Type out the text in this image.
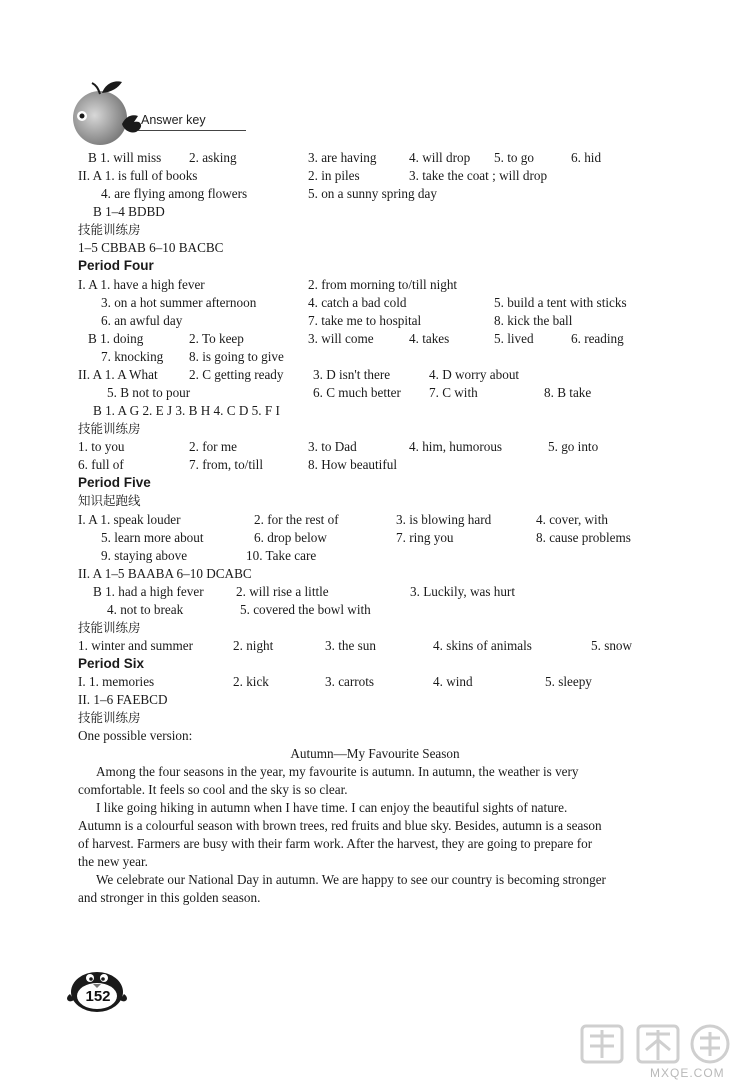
Answer key
B 1. will miss 2. asking	3. are having 4. will drop 5. to go	6. hid
II. A 1. is full of books	2. in piles	3. take the coat ; will drop
4. are flying among flowers	5. on a sunny spring day
B 1–4 BDBD
技能训练房
1–5 CBBAB 6–10 BACBC
Period Four
I. A 1. have a high fever	2. from morning to/till night
3. on a hot summer afternoon	4. catch a bad cold	5. build a tent with sticks
6. an awful day	7. take me to hospital	8. kick the ball
B 1. doing	2. To keep	3. will come	4. takes	5. lived	6. reading
7. knocking 8. is going to give
II. A 1. A What 2. C getting ready 3. D isn't there	4. D worry about
5. B not to pour	6. C much better 7. C with	8. B take
B 1. A G 2. E J 3. B H 4. C D 5. F I
技能训练房
1. to you	2. for me	3. to Dad	4. him, humorous	5. go into
6. full of	7. from, to/till	8. How beautiful
Period Five
知识起跑线
I. A 1. speak louder	2. for the rest of	3. is blowing hard	4. cover, with
5. learn more about	6. drop below	7. ring you	8. cause problems
9. staying above	10. Take care
II. A 1–5 BAABA 6–10 DCABC
B 1. had a high fever 2. will rise a little	3. Luckily, was hurt
4. not to break	5. covered the bowl with
技能训练房
1. winter and summer	2. night	3. the sun	4. skins of animals	5. snow
Period Six
I. 1. memories	2. kick	3. carrots	4. wind	5. sleepy
II. 1–6 FAEBCD
技能训练房
One possible version:
Autumn—My Favourite Season
Among the four seasons in the year, my favourite is autumn. In autumn, the weather is very
comfortable. It feels so cool and the sky is so clear.
I like going hiking in autumn when I have time. I can enjoy the beautiful sights of nature.
Autumn is a colourful season with brown trees, red fruits and blue sky. Besides, autumn is a season
of harvest. Farmers are busy with their farm work. After the harvest, they are going to prepare for
the new year.
We celebrate our National Day in autumn. We are happy to see our country is becoming stronger
and stronger in this golden season.
152
MXQE.COM
